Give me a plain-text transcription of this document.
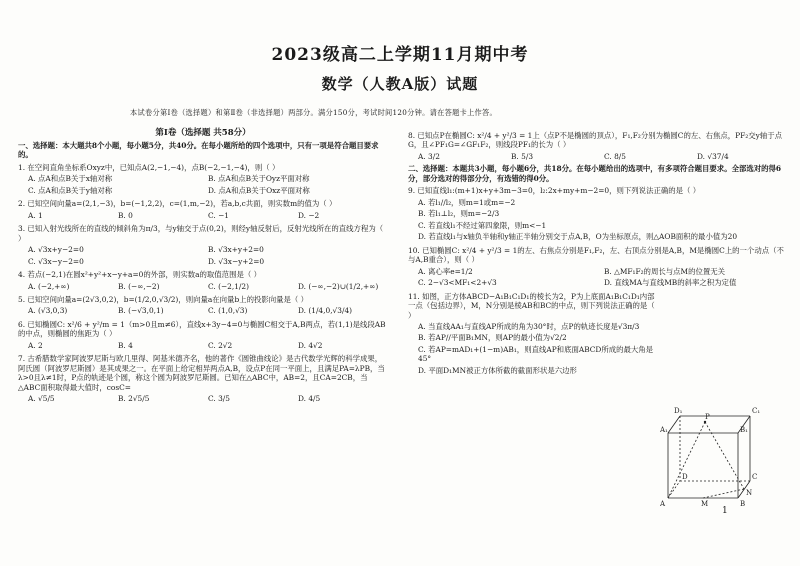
2023级高二上学期11月期中考
数学（人教A版）试题
本试卷分第Ⅰ卷（选择题）和第Ⅱ卷（非选择题）两部分。满分150分，考试时间120分钟。请在答题卡上作答。
第Ⅰ卷（选择题 共58分）
一、选择题：本大题共8个小题，每小题5分，共40分。在每小题所给的四个选项中，只有一项是符合题目要求的。
1. 在空间直角坐标系Oxyz中，已知点A(2,−1,−4)，点B(−2,−1,−4)，则（ ）
A. 点A和点B关于x轴对称	B. 点A和点B关于Oyz平面对称
C. 点A和点B关于y轴对称	D. 点A和点B关于Oxz平面对称
2. 已知空间向量a=(2,1,−3)，b=(−1,2,2)，c=(1,m,−2)，若a,b,c共面，则实数m的值为（ ）
A. 1	B. 0	C. −1	D. −2
3. 已知入射光线所在的直线的倾斜角为π/3，与y轴交于点(0,2)，则经y轴反射后，反射光线所在的直线方程为（ ）
A. √3x+y−2=0	B. √3x+y+2=0
C. √3x−y−2=0	D. √3x−y+2=0
4. 若点(−2,1)在圆x²+y²+x−y+a=0的外部，则实数a的取值范围是（ ）
A. (−2,+∞)	B. (−∞,−2)	C. (−2,1/2)	D. (−∞,−2)∪(1/2,+∞)
5. 已知空间向量a=(2√3,0,2)，b=(1/2,0,√3/2)，则向量a在向量b上的投影向量是（ ）
A. (√3,0,3)	B. (−√3,0,1)	C. (1,0,√3)	D. (1/4,0,√3/4)
6. 已知椭圆C: x²/6 + y²/m = 1（m>0且m≠6），直线x+3y−4=0与椭圆C相交于A,B两点，若(1,1)是线段AB的中点，则椭圆的焦距为（ ）
A. 2	B. 4	C. 2√2	D. 4√2
7. 古希腊数学家阿波罗尼斯与欧几里得、阿基米德齐名，他的著作《圆锥曲线论》是古代数学光辉的科学成果，阿氏圆（阿波罗尼斯圆）是其成果之一。在平面上给定相异两点A,B，设点P在同一平面上，且满足PA=λPB，当λ>0且λ≠1时，P点的轨迹是个圆，称这个圆为阿波罗尼斯圆。已知在△ABC中，AB=2，且CA=2CB，当△ABC面积取得最大值时，cosC=
A. √5/5	B. 2√5/5	C. 3/5	D. 4/5
8. 已知点P在椭圆C: x²/4 + y²/3 = 1上（点P不是椭圆的顶点），F₁,F₂分别为椭圆C的左、右焦点，PF₂交y轴于点G，且∠PF₁G=∠GF₁F₂，则线段PF₁的长为（ ）
A. 3/2	B. 5/3	C. 8/5	D. √37/4
二、选择题：本题共3小题，每小题6分，共18分。在每小题给出的选项中，有多项符合题目要求。全部选对的得6分，部分选对的得部分分，有选错的得0分。
9. 已知直线l₁:(m+1)x+y+3m−3=0，l₂:2x+my+m−2=0，则下列说法正确的是（ ）
A. 若l₁//l₂，则m=1或m=−2
B. 若l₁⊥l₂，则m=−2/3
C. 若直线l₁不经过第四象限，则m<−1
D. 若直线l₁与x轴负半轴和y轴正半轴分别交于点A,B，O为坐标原点，则△AOB面积的最小值为20
10. 已知椭圆C: x²/4 + y²/3 = 1的左、右焦点分别是F₁,F₂，左、右顶点分别是A,B，M是椭圆C上的一个动点（不与A,B重合），则（ ）
A. 离心率e=1/2	B. △MF₁F₂的周长与点M的位置无关
C. 2−√3<MF₁<2+√3	D. 直线MA与直线MB的斜率之积为定值
11. 如图，正方体ABCD−A₁B₁C₁D₁的棱长为2，P为上底面A₁B₁C₁D₁内部一点（包括边界），M，N分别是棱AB和BC的中点，则下列说法正确的是（ ）
A. 当直线AA₁与直线AP所成的角为30°时，点P的轨迹长度是√3π/3
B. 若AP//平面B₁MN，则AP的最小值为√2/2
C. 若AP=mAD₁+(1−m)AB₁，则直线AP和底面ABCD所成的最大角是45°
D. 平面D₁MN被正方体所截的截面形状是六边形
D₁	C₁
A₁	B₁
P
D	C
A	B
M
N
1
